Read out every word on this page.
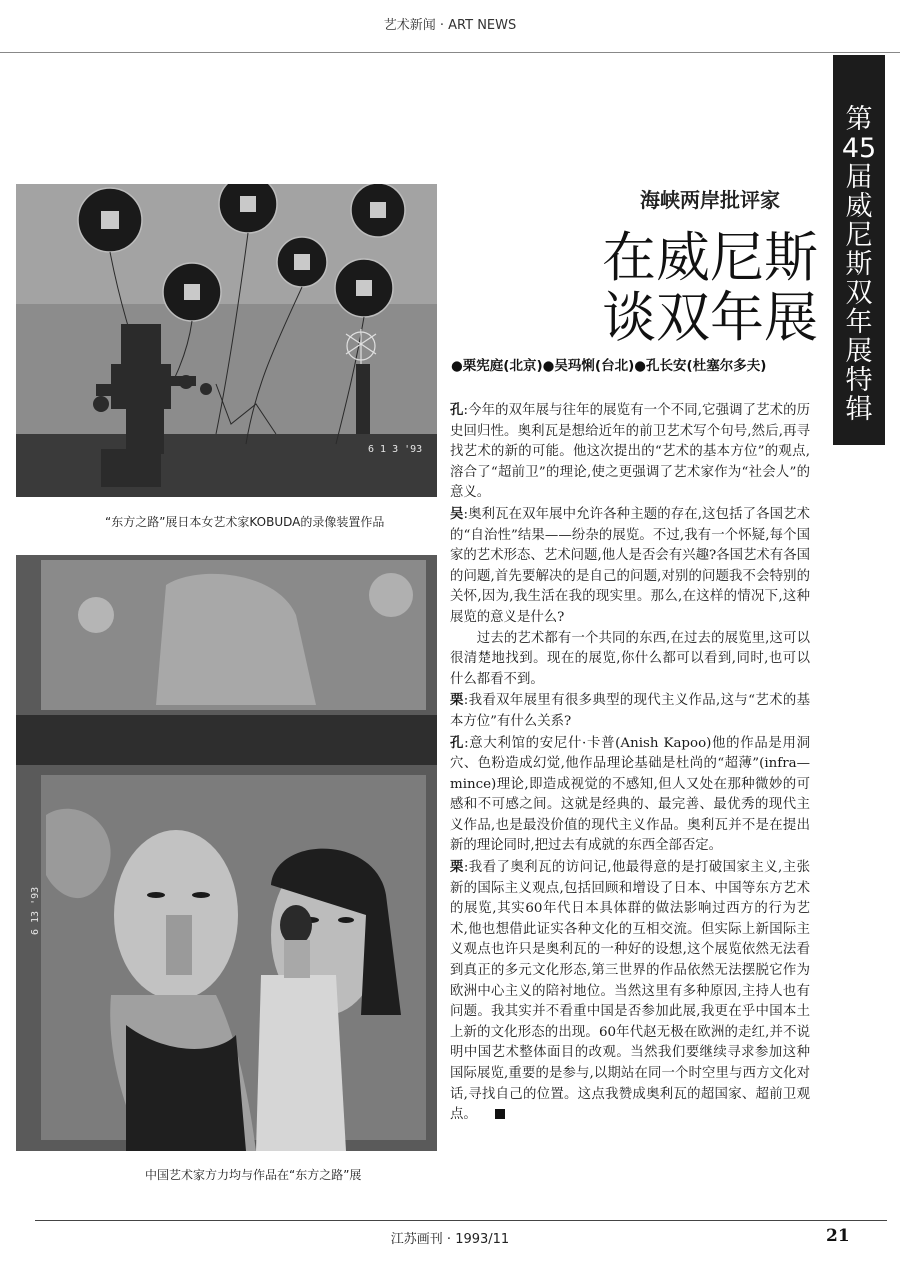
艺术新闻 · ART NEWS
第
45
届
威
尼
斯
双
年
展
特
辑
6 1 3 '93
“东方之路”展日本女艺术家KOBUDA的录像装置作品
6 13 '93
中国艺术家方力均与作品在“东方之路”展
海峡两岸批评家
在威尼斯
谈双年展
●栗宪庭(北京)●吴玛悧(台北)●孔长安(杜塞尔多夫)

孔:今年的双年展与往年的展览有一个不同,它强调了艺术的历史回归性。奥利瓦是想给近年的前卫艺术写个句号,然后,再寻找艺术的新的可能。他这次提出的“艺术的基本方位”的观点,溶合了“超前卫”的理论,使之更强调了艺术家作为“社会人”的意义。

吴:奥利瓦在双年展中允许各种主题的存在,这包括了各国艺术的“自治性”结果——纷杂的展览。不过,我有一个怀疑,每个国家的艺术形态、艺术问题,他人是否会有兴趣?各国艺术有各国的问题,首先要解决的是自己的问题,对别的问题我不会特别的关怀,因为,我生活在我的现实里。那么,在这样的情况下,这种展览的意义是什么?

过去的艺术都有一个共同的东西,在过去的展览里,这可以很清楚地找到。现在的展览,你什么都可以看到,同时,也可以什么都看不到。

栗:我看双年展里有很多典型的现代主义作品,这与“艺术的基本方位”有什么关系?

孔:意大利馆的安尼什·卡普(Anish Kapoo)他的作品是用洞穴、色粉造成幻觉,他作品理论基础是杜尚的“超薄”(infra—mince)理论,即造成视觉的不感知,但人又处在那种微妙的可感和不可感之间。这就是经典的、最完善、最优秀的现代主义作品,也是最没价值的现代主义作品。奥利瓦并不是在提出新的理论同时,把过去有成就的东西全部否定。

栗:我看了奥利瓦的访问记,他最得意的是打破国家主义,主张新的国际主义观点,包括回顾和增设了日本、中国等东方艺术的展览,其实60年代日本具体群的做法影响过西方的行为艺术,他也想借此证实各种文化的互相交流。但实际上新国际主义观点也许只是奥利瓦的一种好的设想,这个展览依然无法看到真正的多元文化形态,第三世界的作品依然无法摆脱它作为欧洲中心主义的陪衬地位。当然这里有多种原因,主持人也有问题。我其实并不看重中国是否参加此展,我更在乎中国本土上新的文化形态的出现。60年代赵无极在欧洲的走红,并不说明中国艺术整体面目的改观。当然我们要继续寻求参加这种国际展览,重要的是参与,以期站在同一个时空里与西方文化对话,寻找自己的位置。这点我赞成奥利瓦的超国家、超前卫观点。

江苏画刊 · 1993/11	21
